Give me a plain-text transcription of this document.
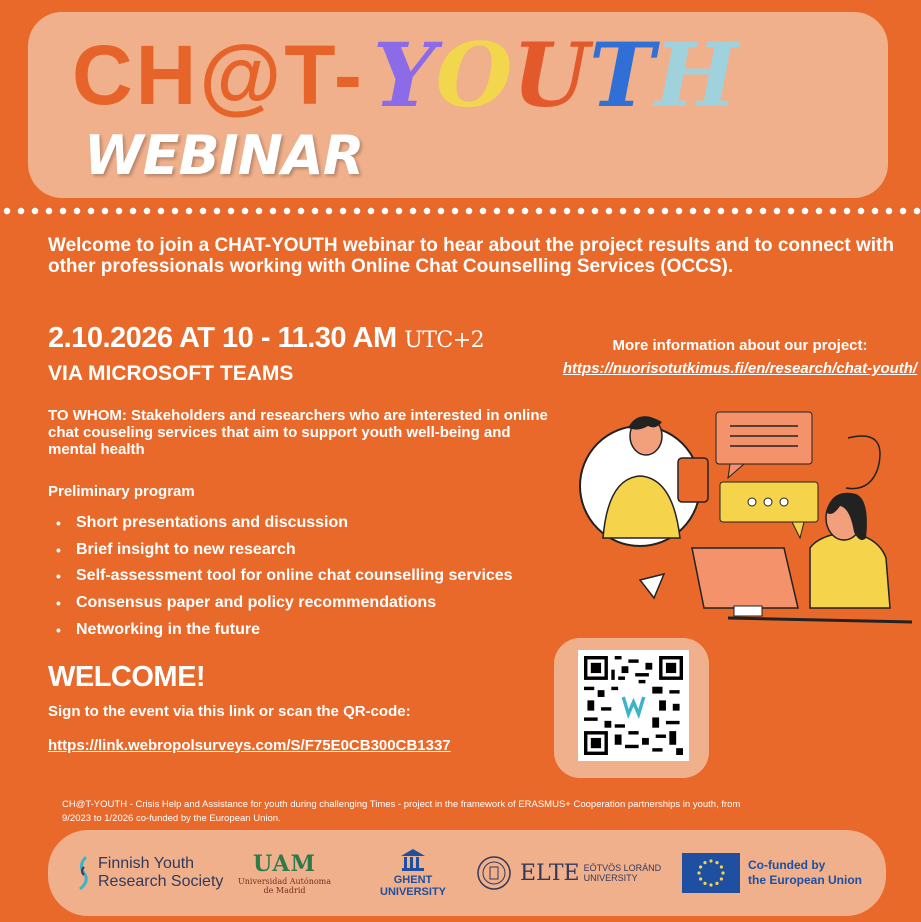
CH@T- Y O U T H
WEBINAR
Welcome to join a CHAT-YOUTH webinar to hear about the project results and to connect with other professionals working with Online Chat Counselling Services (OCCS).
2.10.2026 AT 10 - 11.30 AM UTC+2
VIA MICROSOFT TEAMS
More information about our project:
https://nuorisotutkimus.fi/en/research/chat-youth/
TO WHOM: Stakeholders and researchers who are interested in online chat couseling services that aim to support youth well-being and mental health
Preliminary program
• Short presentations and discussion
• Brief insight to new research
• Self-assessment tool for online chat counselling services
• Consensus paper and policy recommendations
• Networking in the future
WELCOME!
Sign to the event via this link or scan the QR-code:
https://link.webropolsurveys.com/S/F75E0CB300CB1337
CH@T-YOUTH - Crisis Help and Assistance for youth during challenging Times - project in the framework of ERASMUS+ Cooperation partnerships in youth, from 9/2023 to 1/2026 co-funded by the European Union.
Finnish Youth
Research Society
UAM
Universidad Autónoma
de Madrid
GHENT
UNIVERSITY
ELTE EÖTVÖS LORÁND
UNIVERSITY
Co-funded by
the European Union
